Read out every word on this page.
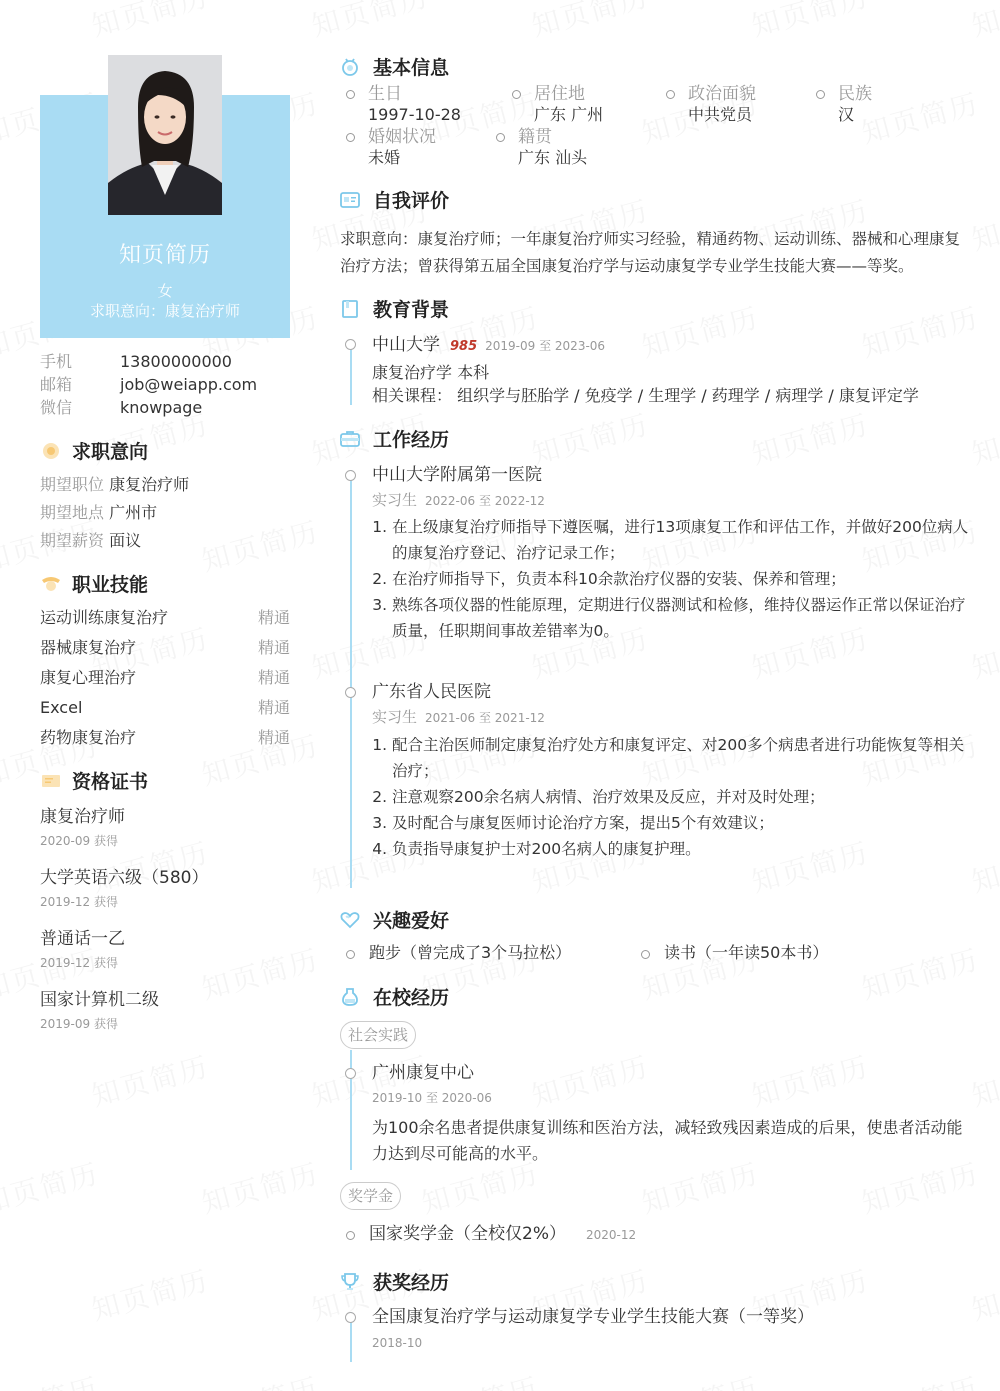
知页简历
女
求职意向：康复治疗师
手机	13800000000
邮箱	job@weiapp.com
微信	knowpage
求职意向
期望职位 康复治疗师
期望地点 广州市
期望薪资 面议
职业技能
运动训练康复治疗	精通
器械康复治疗	精通
康复心理治疗	精通
Excel	精通
药物康复治疗	精通
资格证书
康复治疗师
2020-09 获得
大学英语六级（580）
2019-12 获得
普通话一乙
2019-12 获得
国家计算机二级
2019-09 获得
基本信息
生日
1997-10-28
居住地
广东 广州
政治面貌
中共党员
民族
汉
婚姻状况
未婚
籍贯
广东 汕头
自我评价
求职意向：康复治疗师；一年康复治疗师实习经验，精通药物、运动训练、器械和心理康复治疗方法；曾获得第五届全国康复治疗学与运动康复学专业学生技能大赛——等奖。
教育背景
中山大学 985 2019-09 至 2023-06
康复治疗学 本科
相关课程： 组织学与胚胎学 / 免疫学 / 生理学 / 药理学 / 病理学 / 康复评定学
工作经历
中山大学附属第一医院
实习生 2022-06 至 2022-12
1. 在上级康复治疗师指导下遵医嘱，进行13项康复工作和评估工作，并做好200位病人的康复治疗登记、治疗记录工作；
2. 在治疗师指导下，负责本科10余款治疗仪器的安装、保养和管理；
3. 熟练各项仪器的性能原理，定期进行仪器测试和检修，维持仪器运作正常以保证治疗质量，任职期间事故差错率为0。
广东省人民医院
实习生 2021-06 至 2021-12
1. 配合主治医师制定康复治疗处方和康复评定、对200多个病患者进行功能恢复等相关治疗；
2. 注意观察200余名病人病情、治疗效果及反应，并对及时处理；
3. 及时配合与康复医师讨论治疗方案，提出5个有效建议；
4. 负责指导康复护士对200名病人的康复护理。
兴趣爱好
跑步（曾完成了3个马拉松）	读书（一年读50本书）
在校经历
社会实践
广州康复中心
2019-10 至 2020-06
为100余名患者提供康复训练和医治方法，减轻致残因素造成的后果，使患者活动能力达到尽可能高的水平。
奖学金
国家奖学金（全校仅2%） 2020-12
获奖经历
全国康复治疗学与运动康复学专业学生技能大赛（一等奖）
2018-10
